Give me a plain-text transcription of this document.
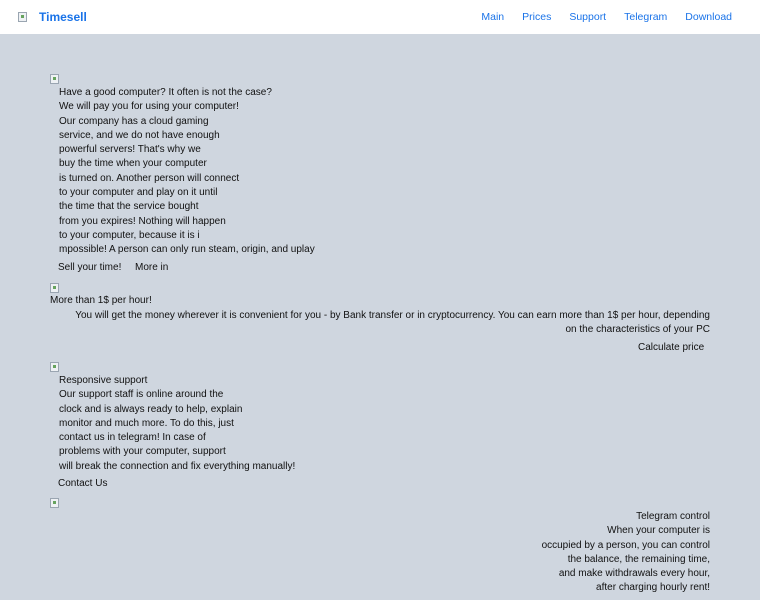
Timesell	Main Prices Support Telegram Download
Have a good computer? It often is not the case?
We will pay you for using your computer!
Our company has a cloud gaming
service, and we do not have enough
powerful servers! That's why we
buy the time when your computer
is turned on. Another person will connect
to your computer and play on it until
the time that the service bought
from you expires! Nothing will happen
to your computer, because it is i
mpossible! A person can only run steam, origin, and uplay
Sell your time! More in
More than 1$ per hour!
You will get the money wherever it is convenient for you - by Bank transfer or in cryptocurrency. You can earn more than 1$ per hour, depending
on the characteristics of your PC
Calculate price
Responsive support
Our support staff is online around the
clock and is always ready to help, explain
monitor and much more. To do this, just
contact us in telegram! In case of
problems with your computer, support
will break the connection and fix everything manually!
Contact Us
Telegram control
When your computer is
occupied by a person, you can control
the balance, the remaining time,
and make withdrawals every hour,
after charging hourly rent!
